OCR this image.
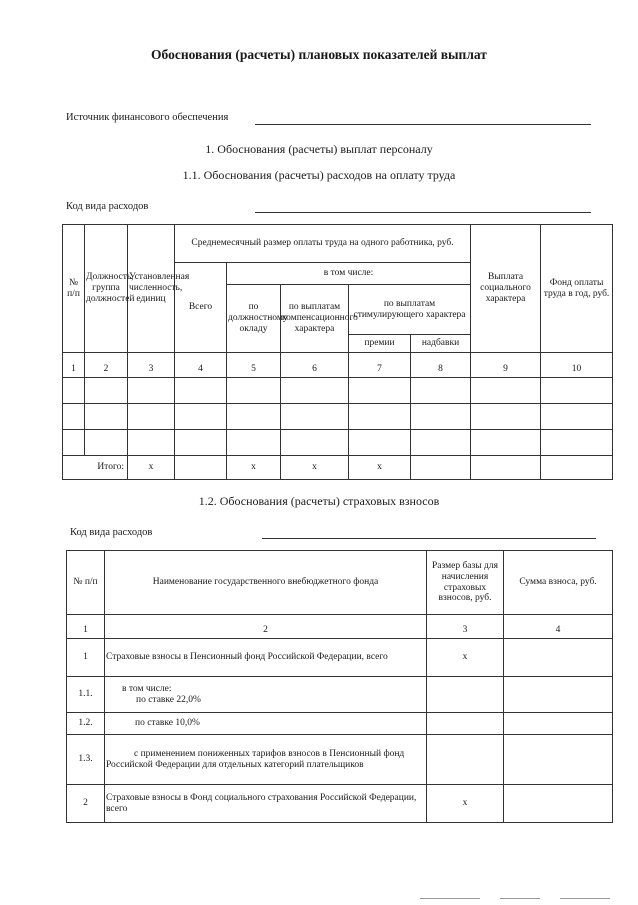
Обоснования (расчеты) плановых показателей выплат
Источник финансового обеспечения
1. Обоснования (расчеты) выплат персоналу
1.1. Обоснования (расчеты) расходов на оплату труда
Код вида расходов
№ п/п	Должность, группа должностей	Установленная численность, единиц	Среднемесячный размер оплаты труда на одного работника, руб.					Выплата социального характера	Фонд оплаты труда в год, руб.
			Всего	в том числе:					
				по должностному окладу	по выплатам компенсационного характера	по выплатам стимулирующего характера			
						премии	надбавки		
1	2	3	4	5	6	7	8	9	10

	Итого:	x		x	x	x			
1.2. Обоснования (расчеты) страховых взносов
Код вида расходов
№ п/п	Наименование государственного внебюджетного фонда	Размер базы для начисления страховых взносов, руб.	Сумма взноса, руб.
1	2	3	4
1	Страховые взносы в Пенсионный фонд Российской Федерации, всего	x	
1.1.	в том числе:
по ставке 22,0%		

1.2.	по ставке 10,0%		
1.3.	с применением пониженных тарифов взносов в Пенсионный фонд Российской Федерации для отдельных категорий плательщиков		
2	Страховые взносы в Фонд социального страхования Российской Федерации, всего	x	
